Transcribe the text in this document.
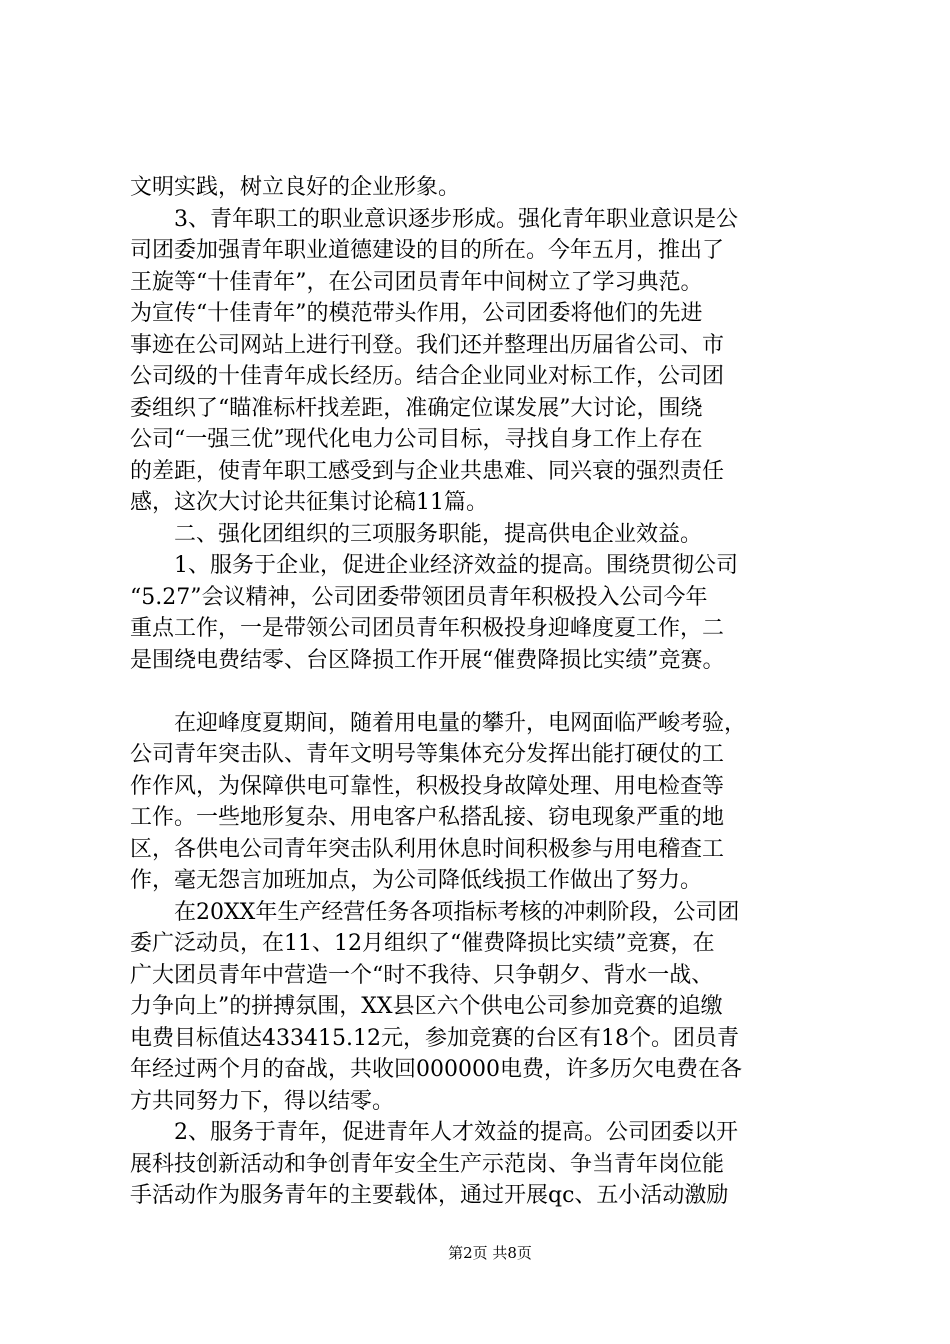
文明实践，树立良好的企业形象。
3、青年职工的职业意识逐步形成。强化青年职业意识是公
司团委加强青年职业道德建设的目的所在。今年五月，推出了
王旋等“十佳青年”，在公司团员青年中间树立了学习典范。
为宣传“十佳青年”的模范带头作用，公司团委将他们的先进
事迹在公司网站上进行刊登。我们还并整理出历届省公司、市
公司级的十佳青年成长经历。结合企业同业对标工作，公司团
委组织了“瞄准标杆找差距，准确定位谋发展”大讨论，围绕
公司“一强三优”现代化电力公司目标，寻找自身工作上存在
的差距，使青年职工感受到与企业共患难、同兴衰的强烈责任
感，这次大讨论共征集讨论稿11篇。
二、强化团组织的三项服务职能，提高供电企业效益。
1、服务于企业，促进企业经济效益的提高。围绕贯彻公司
“5.27”会议精神，公司团委带领团员青年积极投入公司今年
重点工作，一是带领公司团员青年积极投身迎峰度夏工作，二
是围绕电费结零、台区降损工作开展“催费降损比实绩”竞赛。
在迎峰度夏期间，随着用电量的攀升，电网面临严峻考验，
公司青年突击队、青年文明号等集体充分发挥出能打硬仗的工
作作风，为保障供电可靠性，积极投身故障处理、用电检查等
工作。一些地形复杂、用电客户私搭乱接、窃电现象严重的地
区，各供电公司青年突击队利用休息时间积极参与用电稽查工
作，毫无怨言加班加点，为公司降低线损工作做出了努力。
在20XX年生产经营任务各项指标考核的冲刺阶段，公司团
委广泛动员，在11、12月组织了“催费降损比实绩”竞赛，在
广大团员青年中营造一个“时不我待、只争朝夕、背水一战、
力争向上”的拼搏氛围，XX县区六个供电公司参加竞赛的追缴
电费目标值达433415.12元，参加竞赛的台区有18个。团员青
年经过两个月的奋战，共收回000000电费，许多历欠电费在各
方共同努力下，得以结零。
2、服务于青年，促进青年人才效益的提高。公司团委以开
展科技创新活动和争创青年安全生产示范岗、争当青年岗位能
手活动作为服务青年的主要载体，通过开展qc、五小活动激励
第2页 共8页
